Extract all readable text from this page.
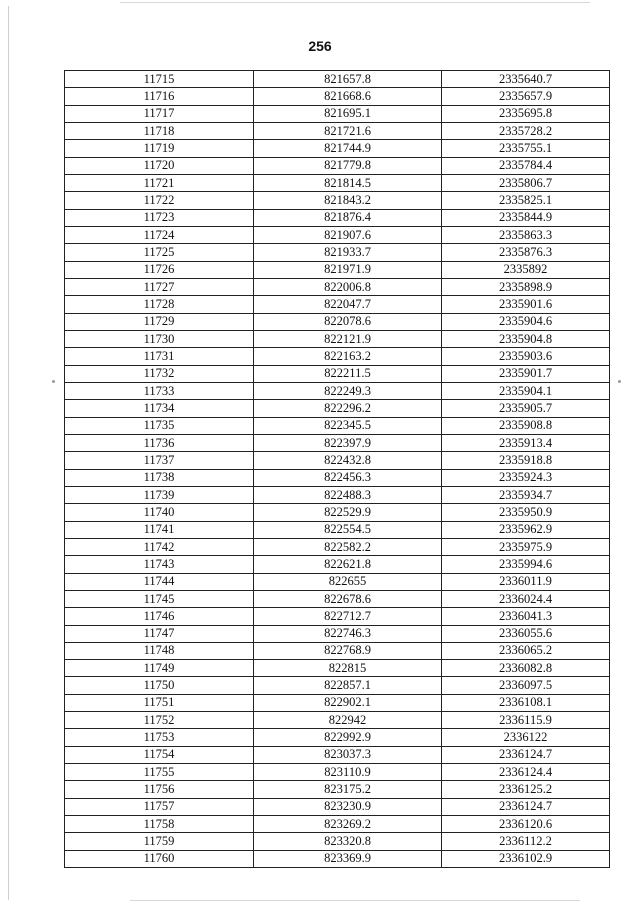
256
11715	821657.8	2335640.7
11716	821668.6	2335657.9
11717	821695.1	2335695.8
11718	821721.6	2335728.2
11719	821744.9	2335755.1
11720	821779.8	2335784.4
11721	821814.5	2335806.7
11722	821843.2	2335825.1
11723	821876.4	2335844.9
11724	821907.6	2335863.3
11725	821933.7	2335876.3
11726	821971.9	2335892
11727	822006.8	2335898.9
11728	822047.7	2335901.6
11729	822078.6	2335904.6
11730	822121.9	2335904.8
11731	822163.2	2335903.6
11732	822211.5	2335901.7
11733	822249.3	2335904.1
11734	822296.2	2335905.7
11735	822345.5	2335908.8
11736	822397.9	2335913.4
11737	822432.8	2335918.8
11738	822456.3	2335924.3
11739	822488.3	2335934.7
11740	822529.9	2335950.9
11741	822554.5	2335962.9
11742	822582.2	2335975.9
11743	822621.8	2335994.6
11744	822655	2336011.9
11745	822678.6	2336024.4
11746	822712.7	2336041.3
11747	822746.3	2336055.6
11748	822768.9	2336065.2
11749	822815	2336082.8
11750	822857.1	2336097.5
11751	822902.1	2336108.1
11752	822942	2336115.9
11753	822992.9	2336122
11754	823037.3	2336124.7
11755	823110.9	2336124.4
11756	823175.2	2336125.2
11757	823230.9	2336124.7
11758	823269.2	2336120.6
11759	823320.8	2336112.2
11760	823369.9	2336102.9
